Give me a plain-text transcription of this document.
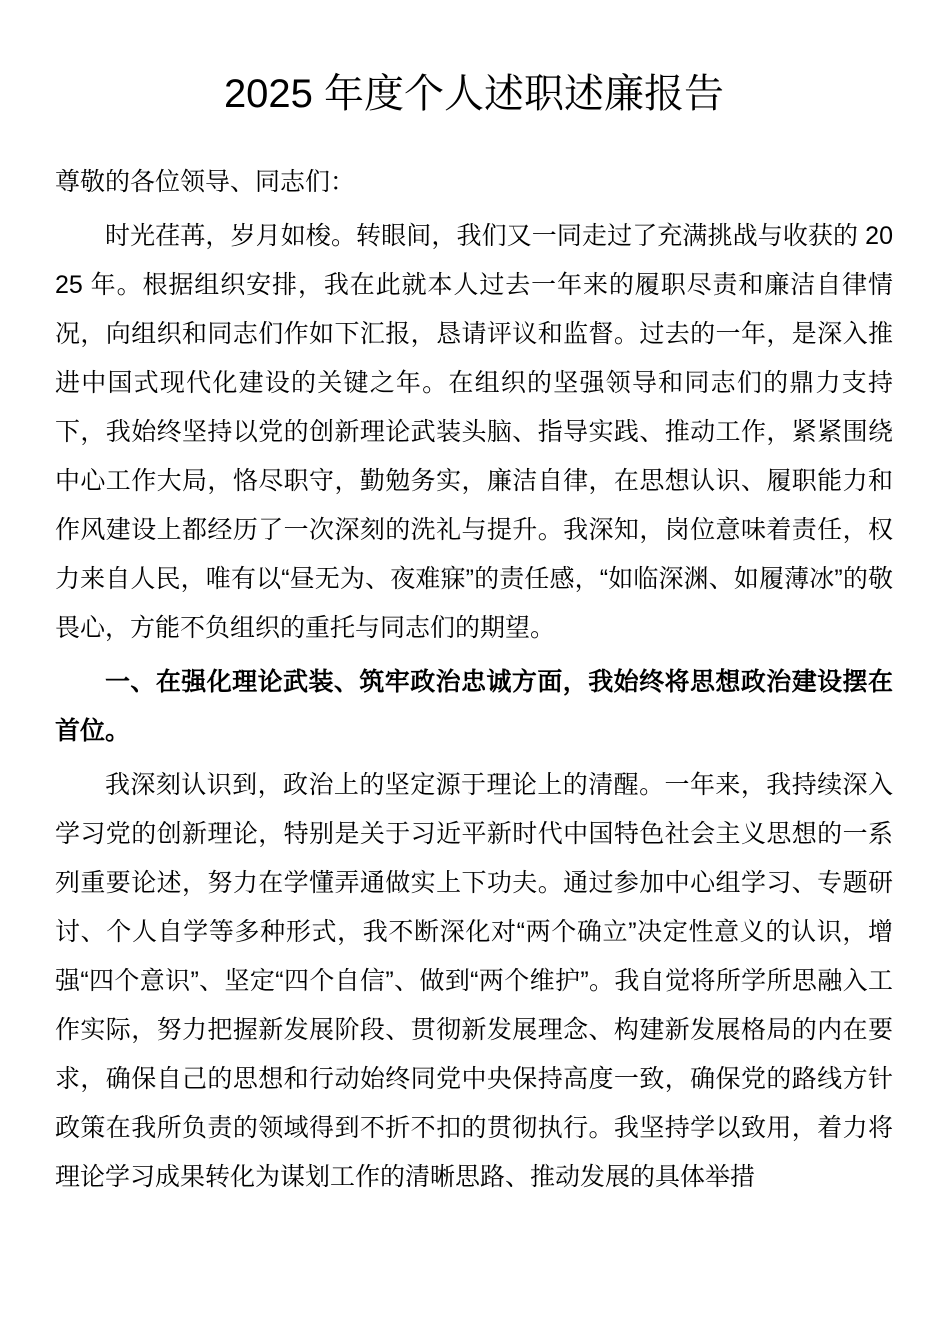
2025 年度个人述职述廉报告

尊敬的各位领导、同志们：

时光荏苒，岁月如梭。转眼间，我们又一同走过了充满挑战与收获的 2025 年。根据组织安排，我在此就本人过去一年来的履职尽责和廉洁自律情况，向组织和同志们作如下汇报，恳请评议和监督。过去的一年，是深入推进中国式现代化建设的关键之年。在组织的坚强领导和同志们的鼎力支持下，我始终坚持以党的创新理论武装头脑、指导实践、推动工作，紧紧围绕中心工作大局，恪尽职守，勤勉务实，廉洁自律，在思想认识、履职能力和作风建设上都经历了一次深刻的洗礼与提升。我深知，岗位意味着责任，权力来自人民，唯有以“昼无为、夜难寐”的责任感，“如临深渊、如履薄冰”的敬畏心，方能不负组织的重托与同志们的期望。

一、在强化理论武装、筑牢政治忠诚方面，我始终将思想政治建设摆在首位。

我深刻认识到，政治上的坚定源于理论上的清醒。一年来，我持续深入学习党的创新理论，特别是关于习近平新时代中国特色社会主义思想的一系列重要论述，努力在学懂弄通做实上下功夫。通过参加中心组学习、专题研讨、个人自学等多种形式，我不断深化对“两个确立”决定性意义的认识，增强“四个意识”、坚定“四个自信”、做到“两个维护”。我自觉将所学所思融入工作实际，努力把握新发展阶段、贯彻新发展理念、构建新发展格局的内在要求，确保自己的思想和行动始终同党中央保持高度一致，确保党的路线方针政策在我所负责的领域得到不折不扣的贯彻执行。我坚持学以致用，着力将理论学习成果转化为谋划工作的清晰思路、推动发展的具体举措
